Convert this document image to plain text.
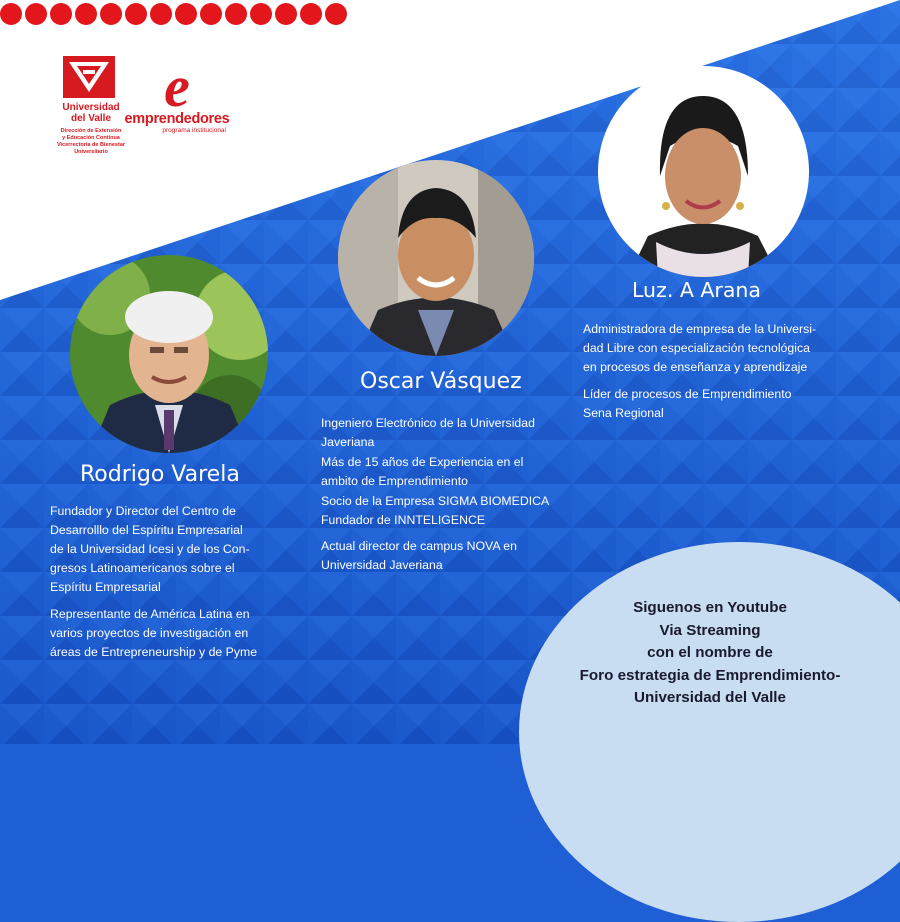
Universidad
del Valle
Dirección de Extensión
y Educación Continua
Vicerrectoría de Bienestar
Universitario
e
emprendedores
programa institucional
Rodrigo Varela
Oscar Vásquez
Luz. A Arana

Fundador y Director del Centro de
Desarrolllo del Espíritu Empresarial
de la Universidad Icesi y de los Con-
gresos Latinoamericanos sobre el
Espíritu Empresarial

Representante de América Latina en
varios proyectos de investigación en
áreas de Entrepreneurship y de Pyme

Ingeniero Electrónico de la Universidad
Javeriana

Más de 15 años de Experiencia en el
ambito de Emprendimiento

Socio de la Empresa SIGMA BIOMEDICA
Fundador de INNTELIGENCE

Actual director de campus NOVA en
Universidad Javeriana

Administradora de empresa de la Universi-
dad Libre con especialización tecnológica
en procesos de enseñanza y aprendizaje

Líder de procesos de Emprendimiento
Sena Regional

Siguenos en Youtube
Via Streaming
con el nombre de
Foro estrategia de Emprendimiento-
Universidad del Valle
